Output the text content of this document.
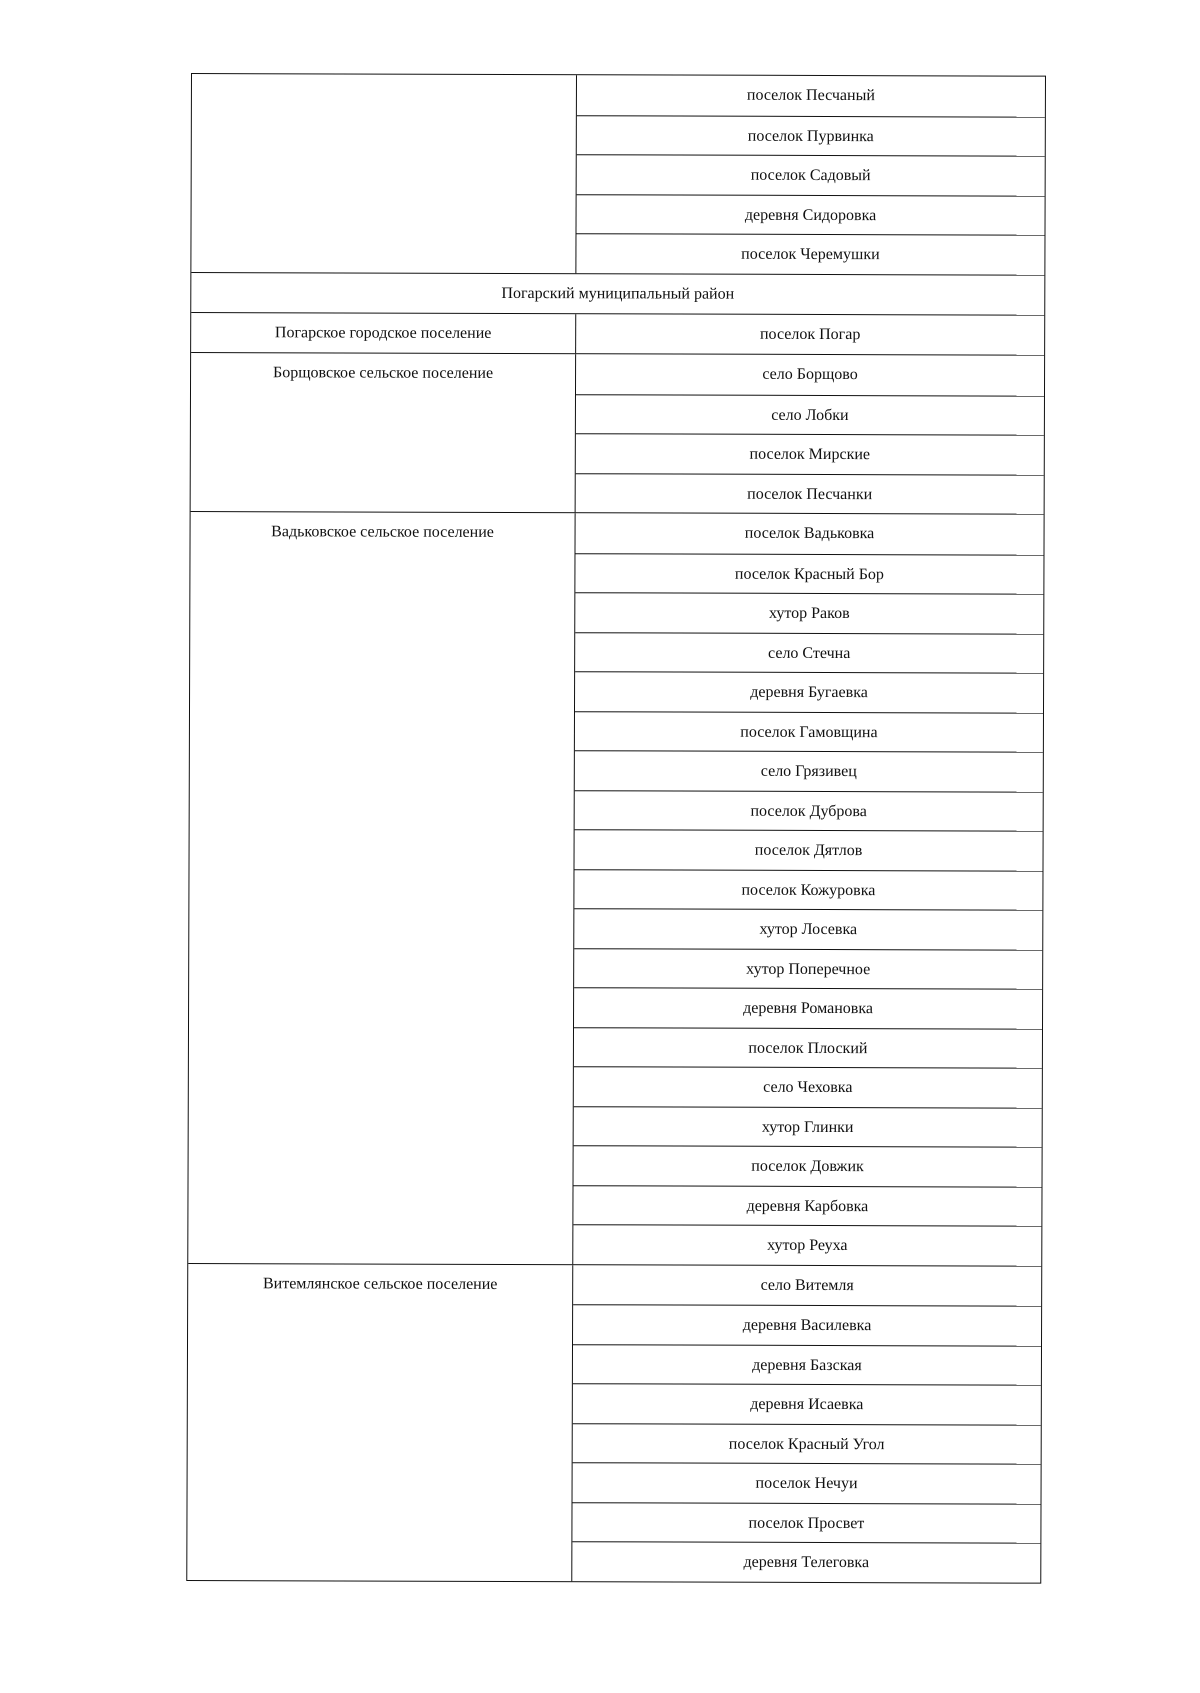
поселок Песчаный
поселок Пурвинка
поселок Садовый
деревня Сидоровка
поселок Черемушки
Погарский муниципальный район
Погарское городское поселение	поселок Погар
Борщовское сельское поселение	село Борщово
село Лобки
поселок Мирские
поселок Песчанки
Вадьковское сельское поселение	поселок Вадьковка
поселок Красный Бор
хутор Раков
село Стечна
деревня Бугаевка
поселок Гамовщина
село Грязивец
поселок Дуброва
поселок Дятлов
поселок Кожуровка
хутор Лосевка
хутор Поперечное
деревня Романовка
поселок Плоский
село Чеховка
хутор Глинки
поселок Довжик
деревня Карбовка
хутор Реуха
Витемлянское сельское поселение	село Витемля
деревня Василевка
деревня Базская
деревня Исаевка
поселок Красный Угол
поселок Нечуи
поселок Просвет
деревня Телеговка
